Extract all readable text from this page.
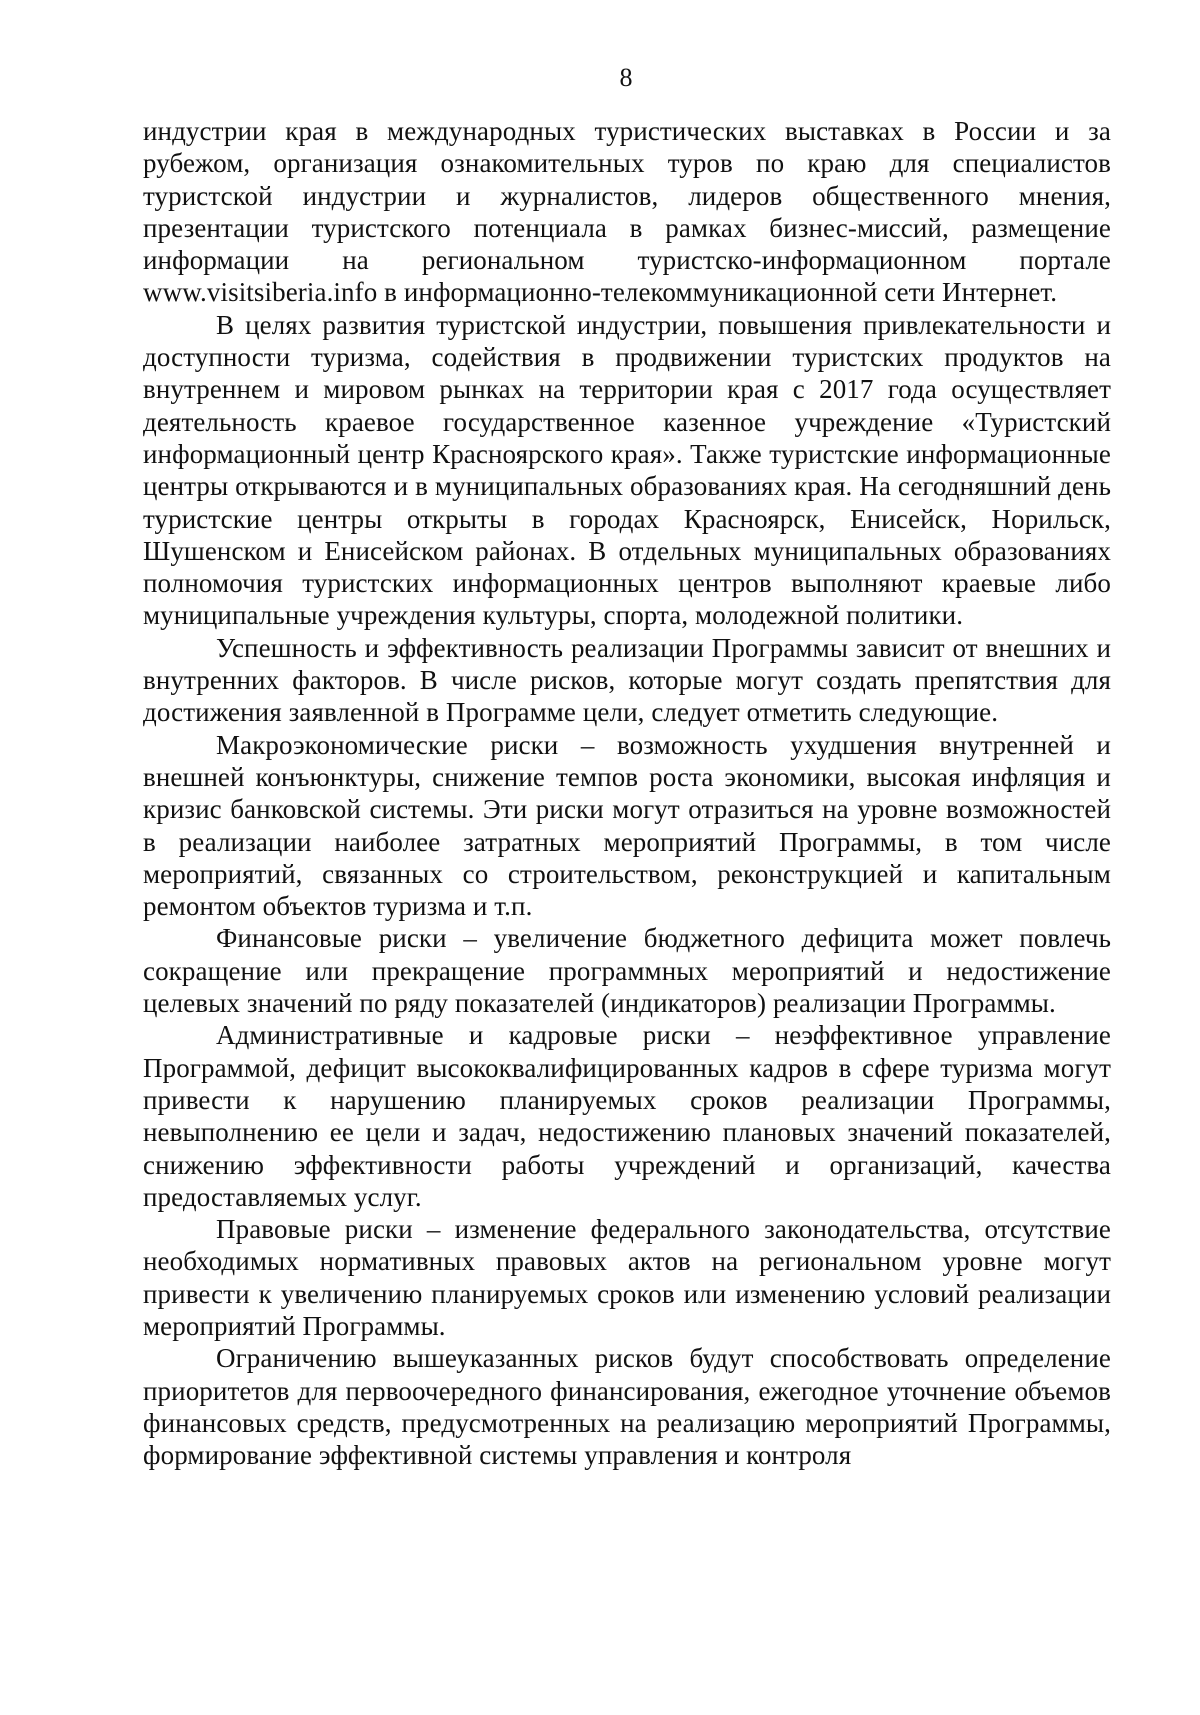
8

индустрии края в международных туристических выставках в России и за рубежом, организация ознакомительных туров по краю для специалистов туристской индустрии и журналистов, лидеров общественного мнения, презентации туристского потенциала в рамках бизнес-миссий, размещение информации на региональном туристско-информационном портале www.visitsiberia.info в информационно-телекоммуникационной сети Интернет.

В целях развития туристской индустрии, повышения привлекательности и доступности туризма, содействия в продвижении туристских продуктов на внутреннем и мировом рынках на территории края с 2017 года осуществляет деятельность краевое государственное казенное учреждение «Туристский информационный центр Красноярского края». Также туристские информационные центры открываются и в муниципальных образованиях края. На сегодняшний день туристские центры открыты в городах Красноярск, Енисейск, Норильск, Шушенском и Енисейском районах. В отдельных муниципальных образованиях полномочия туристских информационных центров выполняют краевые либо муниципальные учреждения культуры, спорта, молодежной политики.

Успешность и эффективность реализации Программы зависит от внешних и внутренних факторов. В числе рисков, которые могут создать препятствия для достижения заявленной в Программе цели, следует отметить следующие.

Макроэкономические риски – возможность ухудшения внутренней и внешней конъюнктуры, снижение темпов роста экономики, высокая инфляция и кризис банковской системы. Эти риски могут отразиться на уровне возможностей в реализации наиболее затратных мероприятий Программы, в том числе мероприятий, связанных со строительством, реконструкцией и капитальным ремонтом объектов туризма и т.п.

Финансовые риски – увеличение бюджетного дефицита может повлечь сокращение или прекращение программных мероприятий и недостижение целевых значений по ряду показателей (индикаторов) реализации Программы.

Административные и кадровые риски – неэффективное управление Программой, дефицит высококвалифицированных кадров в сфере туризма могут привести к нарушению планируемых сроков реализации Программы, невыполнению ее цели и задач, недостижению плановых значений показателей, снижению эффективности работы учреждений и организаций, качества предоставляемых услуг.

Правовые риски – изменение федерального законодательства, отсутствие необходимых нормативных правовых актов на региональном уровне могут привести к увеличению планируемых сроков или изменению условий реализации мероприятий Программы.

Ограничению вышеуказанных рисков будут способствовать определение приоритетов для первоочередного финансирования, ежегодное уточнение объемов финансовых средств, предусмотренных на реализацию мероприятий Программы, формирование эффективной системы управления и контроля
